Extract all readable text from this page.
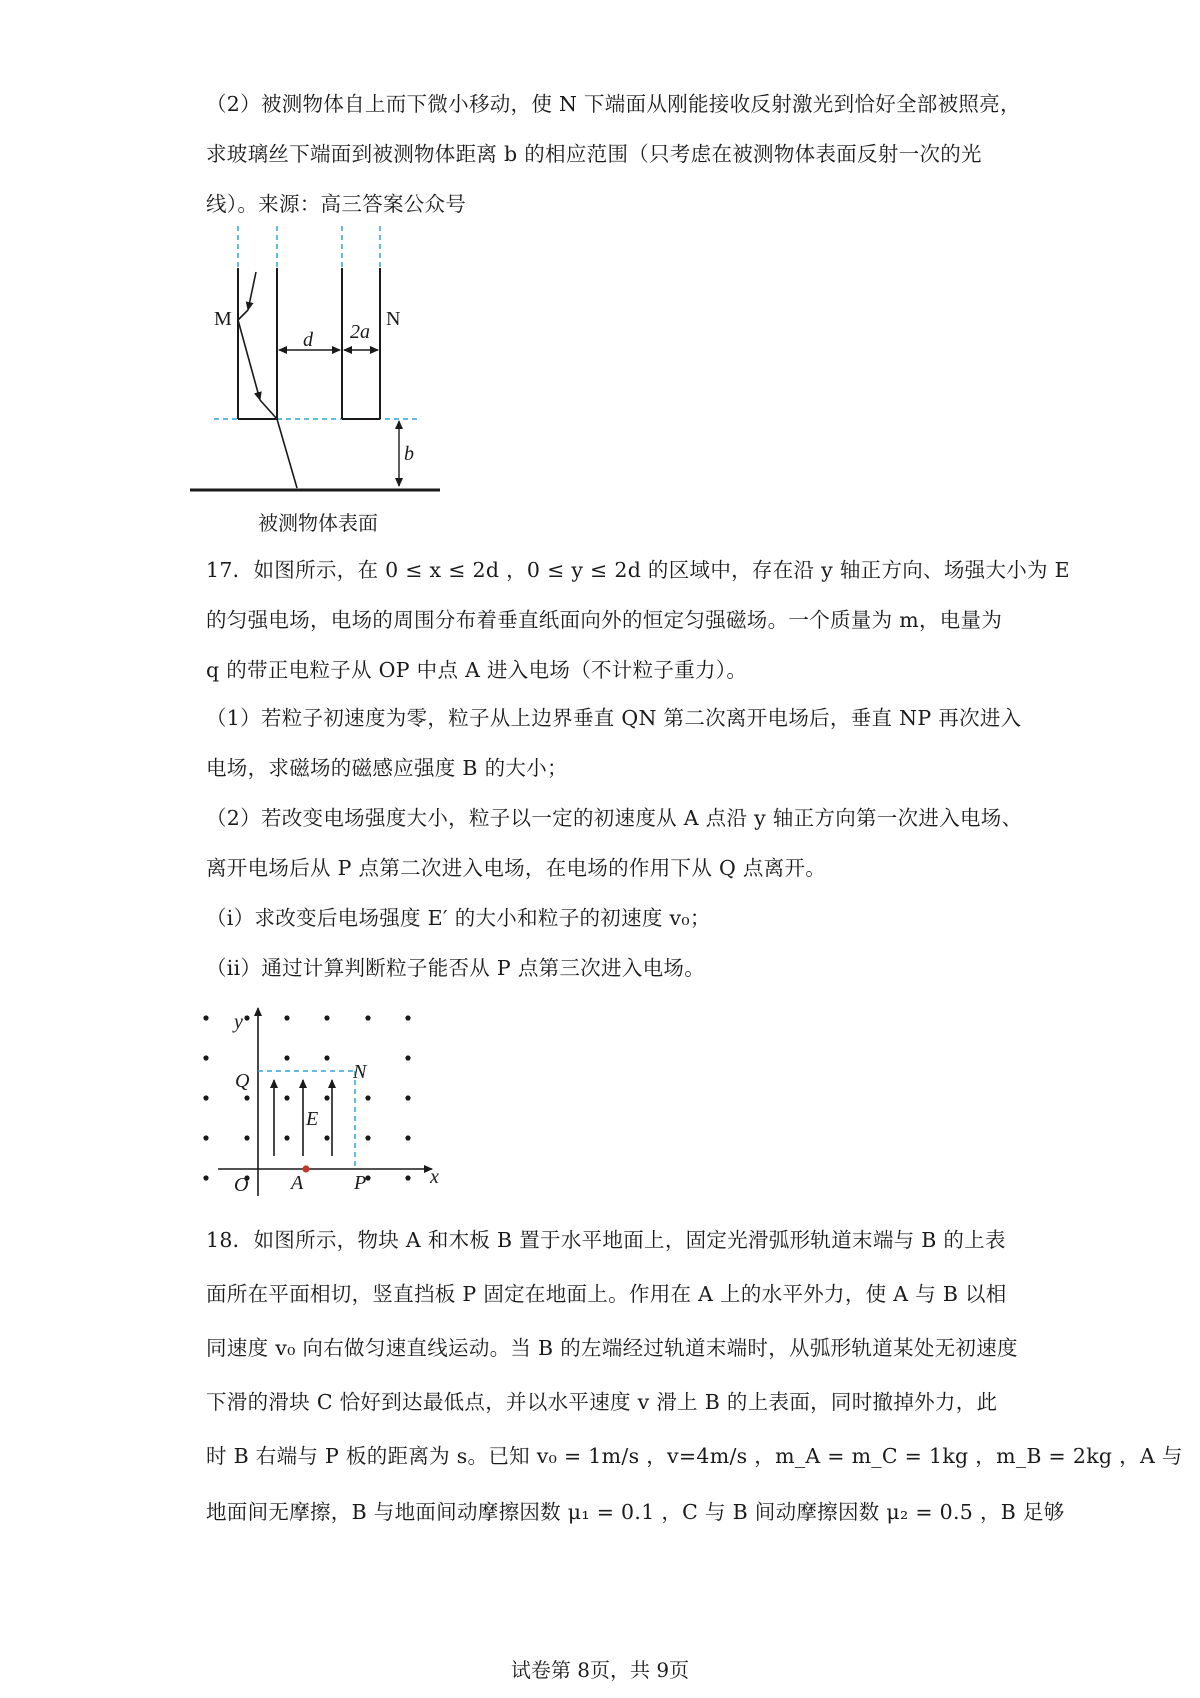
（2）被测物体自上而下微小移动，使 N 下端面从刚能接收反射激光到恰好全部被照亮，
求玻璃丝下端面到被测物体距离 b 的相应范围（只考虑在被测物体表面反射一次的光
线）。来源：高三答案公众号
M	N
d 2a
b
被测物体表面
17．如图所示，在 0 ≤ x ≤ 2d ，0 ≤ y ≤ 2d 的区域中，存在沿 y 轴正方向、场强大小为 E
的匀强电场，电场的周围分布着垂直纸面向外的恒定匀强磁场。一个质量为 m，电量为
q 的带正电粒子从 OP 中点 A 进入电场（不计粒子重力）。
（1）若粒子初速度为零，粒子从上边界垂直 QN 第二次离开电场后，垂直 NP 再次进入
电场，求磁场的磁感应强度 B 的大小；
（2）若改变电场强度大小，粒子以一定的初速度从 A 点沿 y 轴正方向第一次进入电场、
离开电场后从 P 点第二次进入电场，在电场的作用下从 Q 点离开。
（i）求改变后电场强度 E′ 的大小和粒子的初速度 v₀；
（ii）通过计算判断粒子能否从 P 点第三次进入电场。
y
x
Q	N
E
O A	P
18．如图所示，物块 A 和木板 B 置于水平地面上，固定光滑弧形轨道末端与 B 的上表
面所在平面相切，竖直挡板 P 固定在地面上。作用在 A 上的水平外力，使 A 与 B 以相
同速度 v₀ 向右做匀速直线运动。当 B 的左端经过轨道末端时，从弧形轨道某处无初速度
下滑的滑块 C 恰好到达最低点，并以水平速度 v 滑上 B 的上表面，同时撤掉外力，此
时 B 右端与 P 板的距离为 s。已知 v₀ = 1m/s ，v=4m/s ，m_A = m_C = 1kg ，m_B = 2kg ，A 与
地面间无摩擦，B 与地面间动摩擦因数 μ₁ = 0.1 ，C 与 B 间动摩擦因数 μ₂ = 0.5 ，B 足够
试卷第 8页，共 9页
